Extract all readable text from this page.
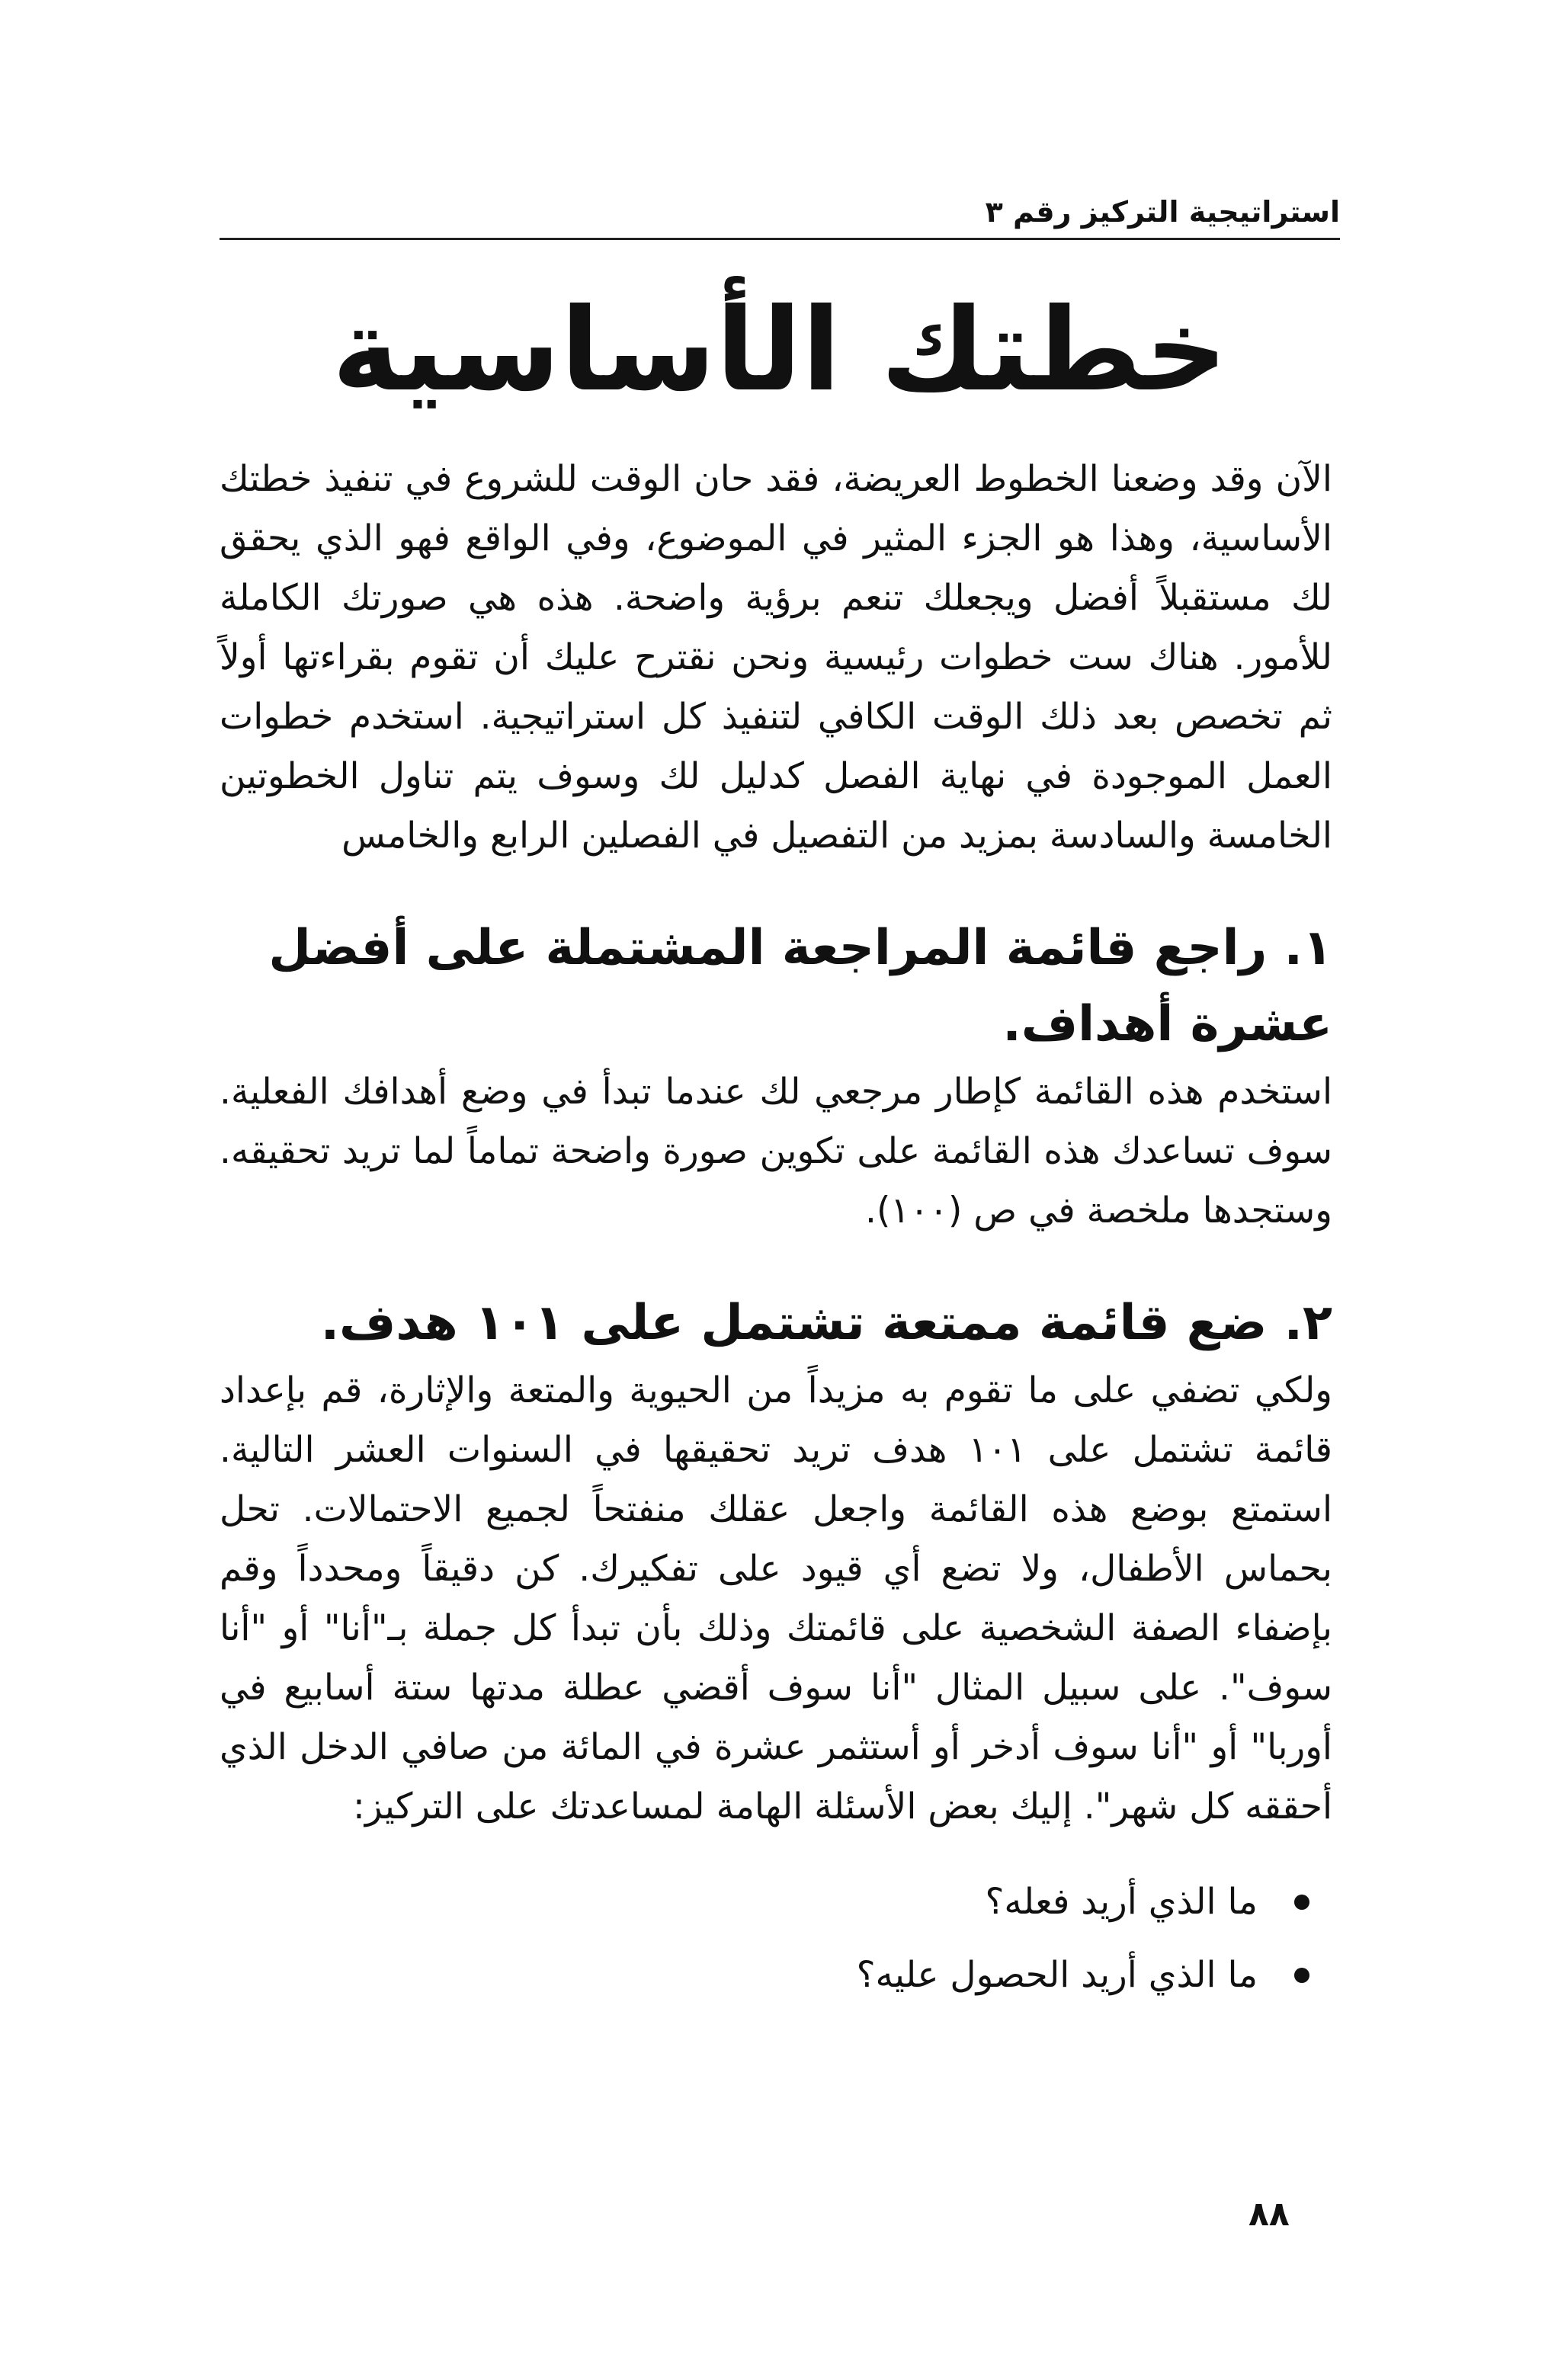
استراتيجية التركيز رقم ٣
خطتك الأساسية

الآن وقد وضعنا الخطوط العريضة، فقد حان الوقت للشروع في تنفيذ خطتك الأساسية، وهذا هو الجزء المثير في الموضوع، وفي الواقع فهو الذي يحقق لك مستقبلاً أفضل ويجعلك تنعم برؤية واضحة. هذه هي صورتك الكاملة للأمور. هناك ست خطوات رئيسية ونحن نقترح عليك أن تقوم بقراءتها أولاً ثم تخصص بعد ذلك الوقت الكافي لتنفيذ كل استراتيجية. استخدم خطوات العمل الموجودة في نهاية الفصل كدليل لك وسوف يتم تناول الخطوتين الخامسة والسادسة بمزيد من التفصيل في الفصلين الرابع والخامس

١. راجع قائمة المراجعة المشتملة على أفضل عشرة أهداف.

استخدم هذه القائمة كإطار مرجعي لك عندما تبدأ في وضع أهدافك الفعلية. سوف تساعدك هذه القائمة على تكوين صورة واضحة تماماً لما تريد تحقيقه. وستجدها ملخصة في ص (١٠٠).

٢. ضع قائمة ممتعة تشتمل على ١٠١ هدف.

ولكي تضفي على ما تقوم به مزيداً من الحيوية والمتعة والإثارة، قم بإعداد قائمة تشتمل على ١٠١ هدف تريد تحقيقها في السنوات العشر التالية. استمتع بوضع هذه القائمة واجعل عقلك منفتحاً لجميع الاحتمالات. تحل بحماس الأطفال، ولا تضع أي قيود على تفكيرك. كن دقيقاً ومحدداً وقم بإضفاء الصفة الشخصية على قائمتك وذلك بأن تبدأ كل جملة بـ"أنا" أو "أنا سوف". على سبيل المثال "أنا سوف أقضي عطلة مدتها ستة أسابيع في أوربا" أو "أنا سوف أدخر أو أستثمر عشرة في المائة من صافي الدخل الذي أحققه كل شهر". إليك بعض الأسئلة الهامة لمساعدتك على التركيز:

ما الذي أريد فعله؟
ما الذي أريد الحصول عليه؟
٨٨
